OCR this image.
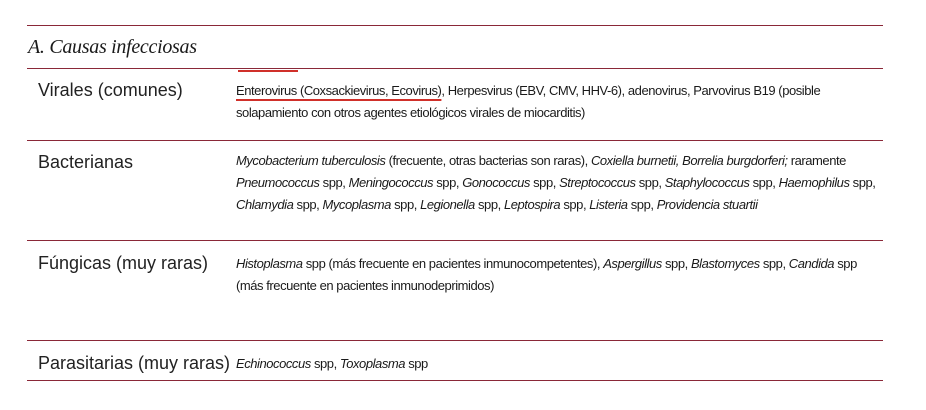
A. Causas infecciosas
Virales (comunes)	Enterovirus (Coxsackievirus, Ecovirus), Herpesvirus (EBV, CMV, HHV-6), adenovirus, Parvovirus B19 (posible solapamiento con otros agentes etiológicos virales de miocarditis)
Bacterianas	Mycobacterium tuberculosis (frecuente, otras bacterias son raras), Coxiella burnetii, Borrelia burgdorferi; raramente Pneumococcus spp, Meningococcus spp, Gonococcus spp, Streptococcus spp, Staphylococcus spp, Haemophilus spp, Chlamydia spp, Mycoplasma spp, Legionella spp, Leptospira spp, Listeria spp, Providencia stuartii
Fúngicas (muy raras) Histoplasma spp (más frecuente en pacientes inmunocompetentes), Aspergillus spp, Blastomyces spp, Candida spp (más frecuente en pacientes inmunodeprimidos)
Parasitarias (muy raras) Echinococcus spp, Toxoplasma spp
